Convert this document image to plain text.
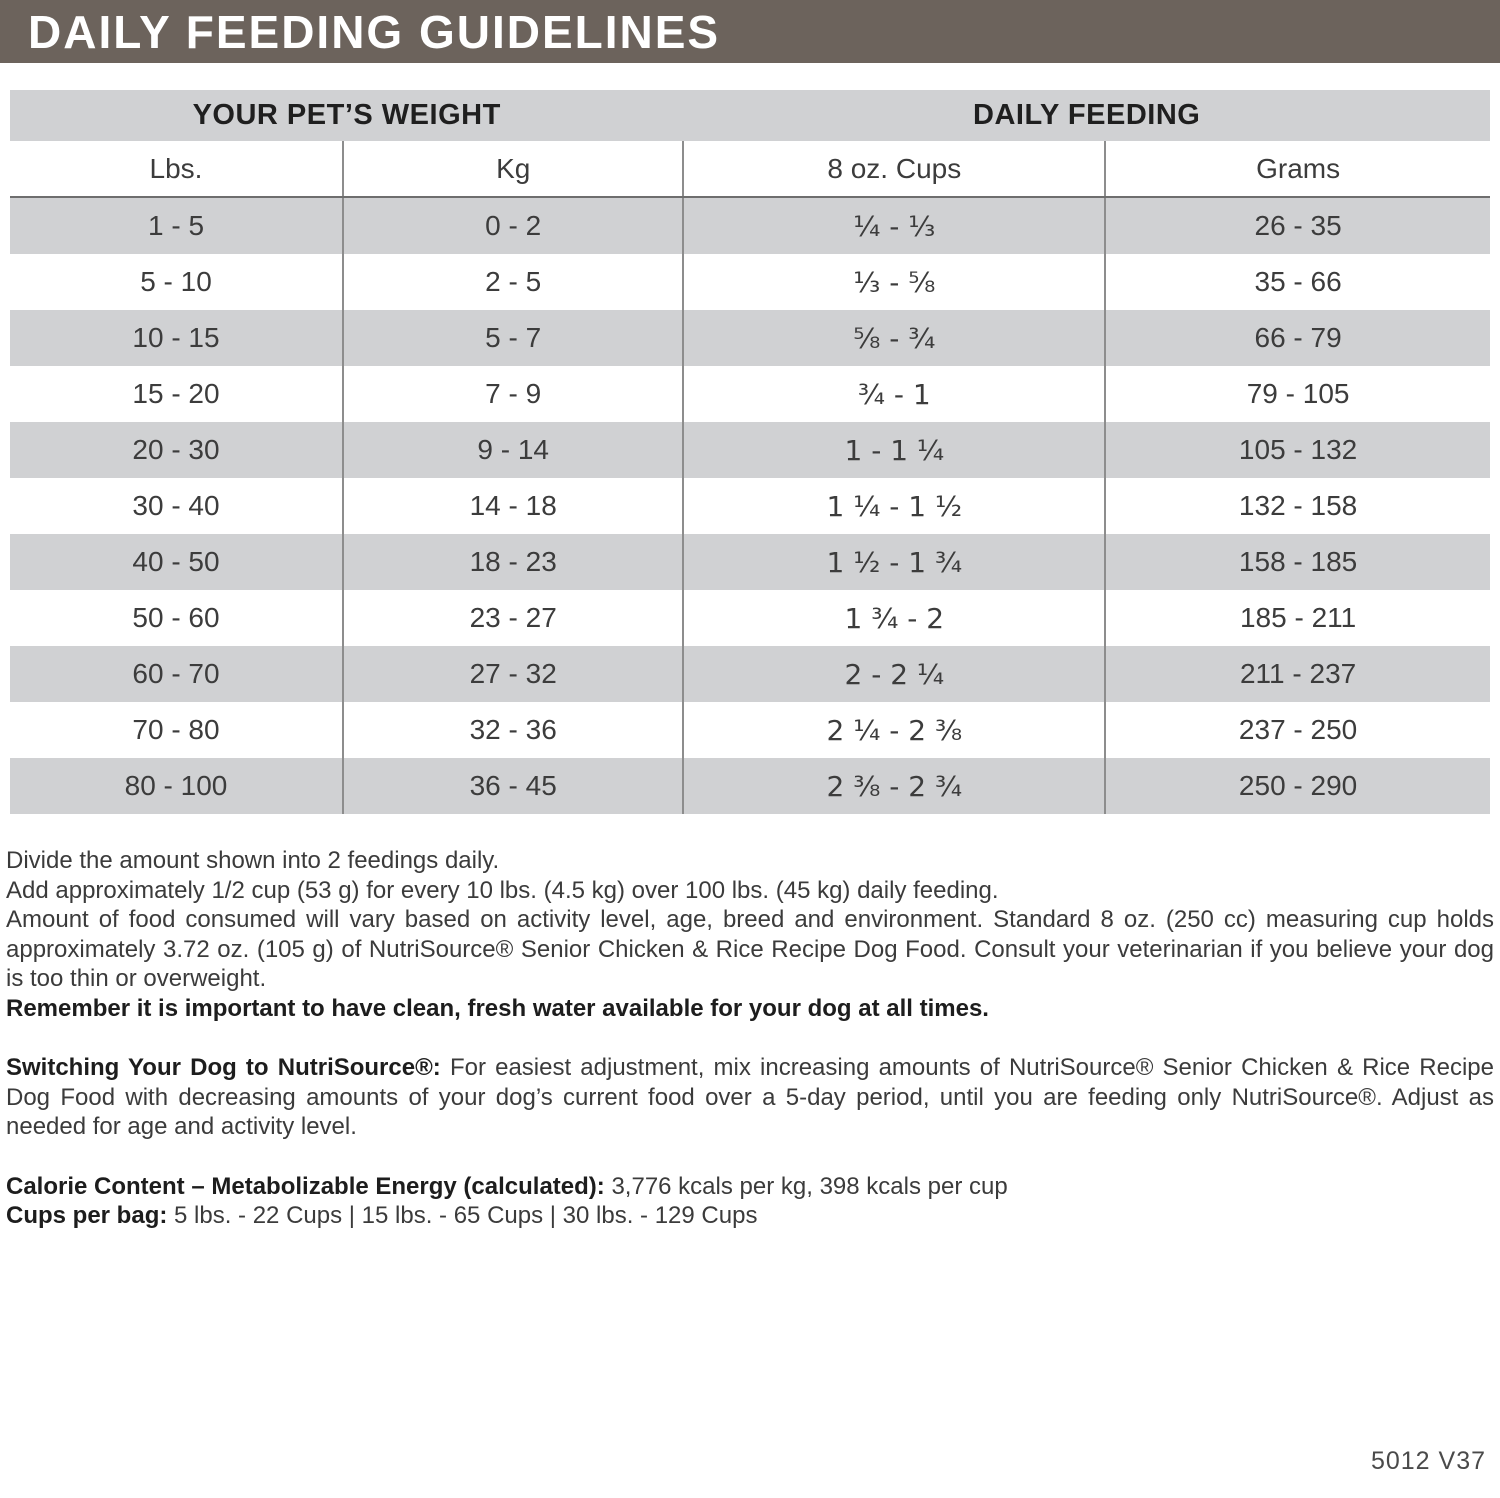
DAILY FEEDING GUIDELINES
YOUR PET’S WEIGHT		DAILY FEEDING	
Lbs.	Kg	8 oz. Cups	Grams
1 - 5	0 - 2	¹⁄₄ - ¹⁄₃	26 - 35
5 - 10	2 - 5	¹⁄₃ - ⁵⁄₈	35 - 66
10 - 15	5 - 7	⁵⁄₈ - ³⁄₄	66 - 79
15 - 20	7 - 9	³⁄₄ - 1	79 - 105
20 - 30	9 - 14	1 - 1 ¹⁄₄	105 - 132
30 - 40	14 - 18	1 ¹⁄₄ - 1 ¹⁄₂	132 - 158
40 - 50	18 - 23	1 ¹⁄₂ - 1 ³⁄₄	158 - 185
50 - 60	23 - 27	1 ³⁄₄ - 2	185 - 211
60 - 70	27 - 32	2 - 2 ¹⁄₄	211 - 237
70 - 80	32 - 36	2 ¹⁄₄ - 2 ³⁄₈	237 - 250
80 - 100	36 - 45	2 ³⁄₈ - 2 ³⁄₄	250 - 290

Divide the amount shown into 2 feedings daily.

Add approximately 1/2 cup (53 g) for every 10 lbs. (4.5 kg) over 100 lbs. (45 kg) daily feeding.

Amount of food consumed will vary based on activity level, age, breed and environment. Standard 8 oz. (250 cc) measuring cup holds approximately 3.72 oz. (105 g) of NutriSource® Senior Chicken & Rice Recipe Dog Food. Consult your veterinarian if you believe your dog is too thin or overweight.

Remember it is important to have clean, fresh water available for your dog at all times.

Switching Your Dog to NutriSource®: For easiest adjustment, mix increasing amounts of NutriSource® Senior Chicken & Rice Recipe Dog Food with decreasing amounts of your dog’s current food over a 5-day period, until you are feeding only NutriSource®. Adjust as needed for age and activity level.

Calorie Content – Metabolizable Energy (calculated): 3,776 kcals per kg, 398 kcals per cup

Cups per bag: 5 lbs. - 22 Cups | 15 lbs. - 65 Cups | 30 lbs. - 129 Cups

5012 V37
